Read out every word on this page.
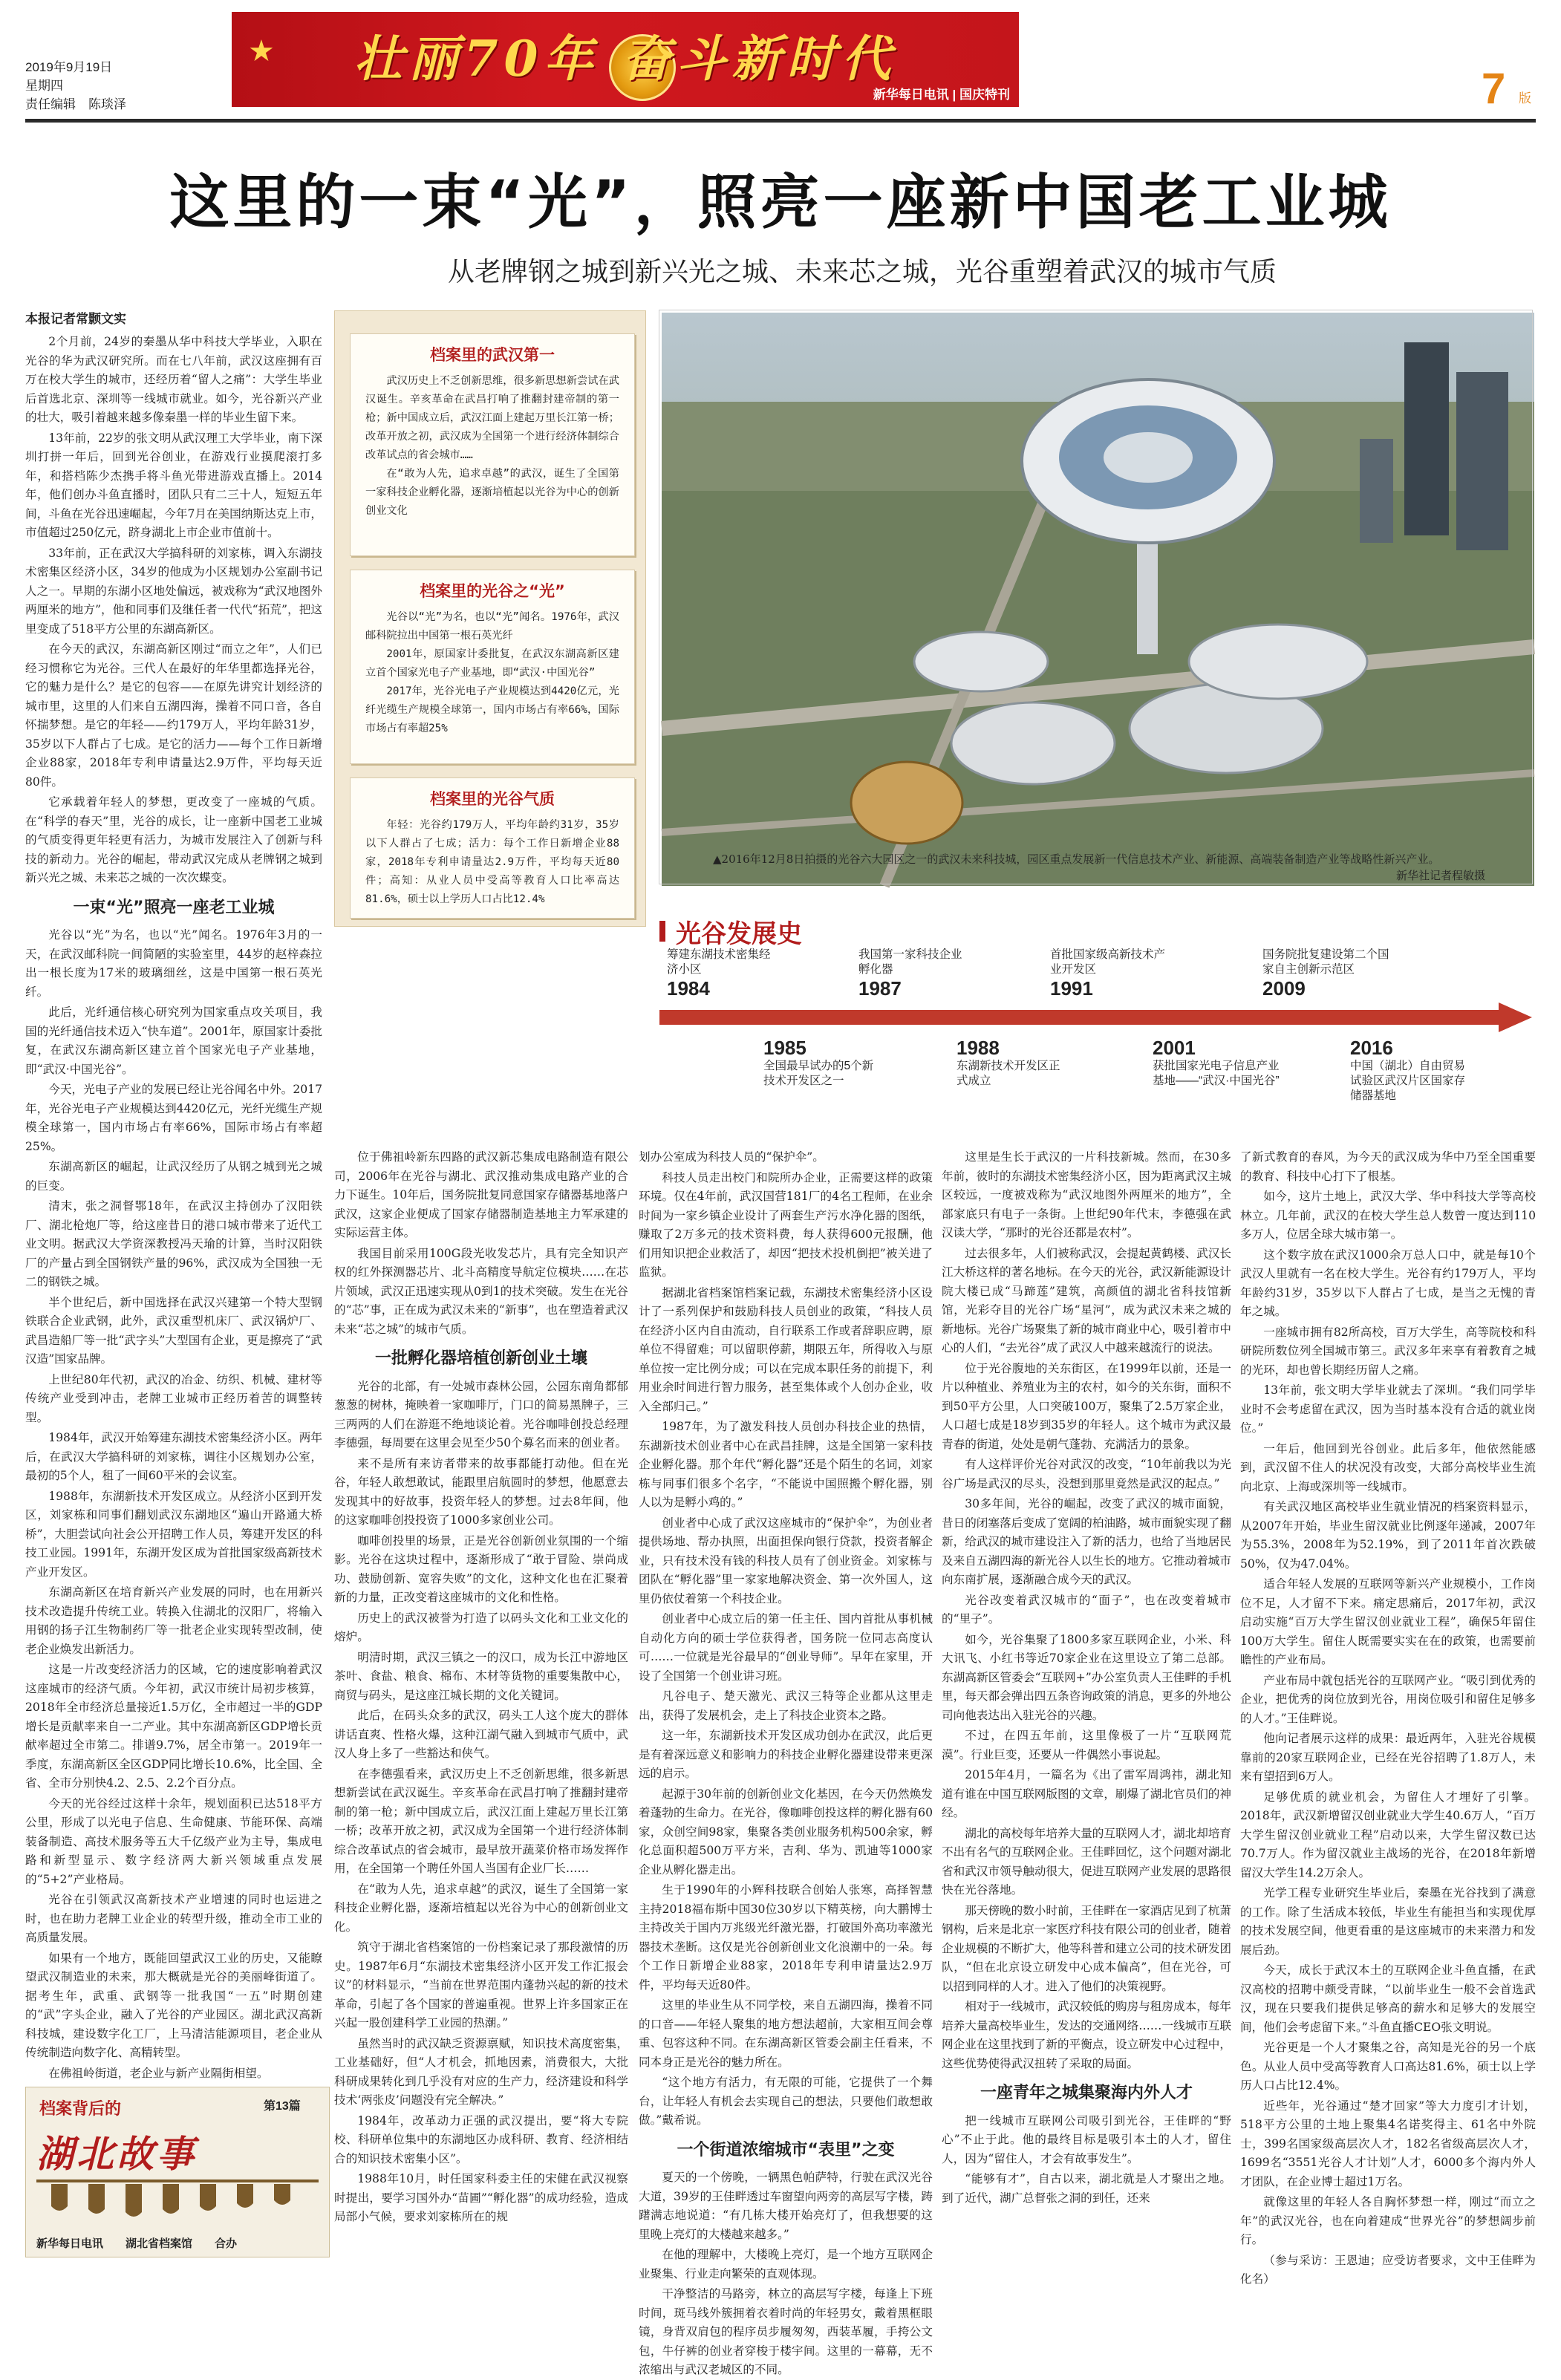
2019年9月19日
星期四
责任编辑　陈琰泽
★	壮丽70年 奋斗新时代
新华每日电讯 | 国庆特刊	7 版
这里的一束“光”，照亮一座新中国老工业城
从老牌钢之城到新兴光之城、未来芯之城，光谷重塑着武汉的城市气质
本报记者常颢文实

2个月前，24岁的秦墨从华中科技大学毕业，入职在光谷的华为武汉研究所。而在七八年前，武汉这座拥有百万在校大学生的城市，还经历着“留人之痛”：大学生毕业后首选北京、深圳等一线城市就业。如今，光谷新兴产业的壮大，吸引着越来越多像秦墨一样的毕业生留下来。

13年前，22岁的张文明从武汉理工大学毕业，南下深圳打拼一年后，回到光谷创业，在游戏行业摸爬滚打多年，和搭档陈少杰携手将斗鱼光带进游戏直播上。2014年，他们创办斗鱼直播时，团队只有二三十人，短短五年间，斗鱼在光谷迅速崛起，今年7月在美国纳斯达克上市，市值超过250亿元，跻身湖北上市企业市值前十。

33年前，正在武汉大学搞科研的刘家栋，调入东湖技术密集区经济小区，34岁的他成为小区规划办公室副书记人之一。早期的东湖小区地处偏远，被戏称为“武汉地图外两厘米的地方”，他和同事们及继任者一代代“拓荒”，把这里变成了518平方公里的东湖高新区。

在今天的武汉，东湖高新区刚过“而立之年”，人们已经习惯称它为光谷。三代人在最好的年华里都选择光谷，它的魅力是什么？是它的包容——在原先讲究计划经济的城市里，这里的人们来自五湖四海，操着不同口音，各自怀揣梦想。是它的年轻——约179万人，平均年龄31岁，35岁以下人群占了七成。是它的活力——每个工作日新增企业88家，2018年专利申请量达2.9万件，平均每天近80件。

它承载着年轻人的梦想，更改变了一座城的气质。在“科学的春天”里，光谷的成长，让一座新中国老工业城的气质变得更年轻更有活力，为城市发展注入了创新与科技的新动力。光谷的崛起，带动武汉完成从老牌钢之城到新兴光之城、未来芯之城的一次次蝶变。

一束“光”照亮一座老工业城

光谷以“光”为名，也以“光”闻名。1976年3月的一天，在武汉邮科院一间简陋的实验室里，44岁的赵梓森拉出一根长度为17米的玻璃细丝，这是中国第一根石英光纤。

此后，光纤通信核心研究列为国家重点攻关项目，我国的光纤通信技术迈入“快车道”。2001年，原国家计委批复，在武汉东湖高新区建立首个国家光电子产业基地，即“武汉·中国光谷”。

今天，光电子产业的发展已经让光谷闻名中外。2017年，光谷光电子产业规模达到4420亿元，光纤光缆生产规模全球第一，国内市场占有率66%，国际市场占有率超25%。

东湖高新区的崛起，让武汉经历了从钢之城到光之城的巨变。

清末，张之洞督鄂18年，在武汉主持创办了汉阳铁厂、湖北枪炮厂等，给这座昔日的港口城市带来了近代工业文明。据武汉大学资深教授冯天瑜的计算，当时汉阳铁厂的产量占到全国钢铁产量的96%，武汉成为全国独一无二的钢铁之城。

半个世纪后，新中国选择在武汉兴建第一个特大型钢铁联合企业武钢，此外，武汉重型机床厂、武汉锅炉厂、武昌造船厂等一批“武字头”大型国有企业，更是擦亮了“武汉造”国家品牌。

上世纪80年代初，武汉的冶金、纺织、机械、建材等传统产业受到冲击，老牌工业城市正经历着苦的调整转型。

1984年，武汉开始筹建东湖技术密集经济小区。两年后，在武汉大学搞科研的刘家栋，调往小区规划办公室，最初的5个人，租了一间60平米的会议室。

1988年，东湖新技术开发区成立。从经济小区到开发区，刘家栋和同事们翻划武汉东湖地区“遍山开路通大桥桥”，大胆尝试向社会公开招聘工作人员，筹建开发区的科技工业园。1991年，东湖开发区成为首批国家级高新技术产业开发区。

东湖高新区在培育新兴产业发展的同时，也在用新兴技术改造提升传统工业。转换入住湖北的汉阳厂，将输入用钢的扬子江生物制药厂等一批老企业实现转型改制，使老企业焕发出新活力。

这是一片改变经济活力的区域，它的速度影响着武汉这座城市的经济气质。今年初，武汉市统计局初步核算，2018年全市经济总量接近1.5万亿，全市超过一半的GDP增长是贡献率来自一二产业。其中东湖高新区GDP增长贡献率超过全市第二。排谱9.7%，居全市第一。2019年一季度，东湖高新区全区GDP同比增长10.6%，比全国、全省、全市分别快4.2、2.5、2.2个百分点。

今天的光谷经过这样十余年，规划面积已达518平方公里，形成了以光电子信息、生命健康、节能环保、高端装备制造、高技术服务等五大千亿级产业为主导，集成电路和新型显示、数字经济两大新兴领域重点发展的“5+2”产业格局。

光谷在引领武汉高新技术产业增速的同时也运进之时，也在助力老牌工业企业的转型升级，推动全市工业的高质量发展。

如果有一个地方，既能回望武汉工业的历史，又能瞭望武汉制造业的未来，那大概就是光谷的美丽峰街道了。据考生年，武重、武钢等一批我国“一五”时期创建的“武”字头企业，融入了光谷的产业园区。湖北武汉高新科技城，建设数字化工厂，上马清洁能源项目，老企业从传统制造向数字化、高精转型。

在佛祖岭街道，老企业与新产业隔街相望。

档案里的武汉第一

武汉历史上不乏创新思维，很多新思想新尝试在武汉诞生。辛亥革命在武昌打响了推翻封建帝制的第一枪；新中国成立后，武汉江面上建起万里长江第一桥；改革开放之初，武汉成为全国第一个进行经济体制综合改革试点的省会城市……

在“敢为人先，追求卓越”的武汉，诞生了全国第一家科技企业孵化器，逐渐培植起以光谷为中心的创新创业文化

档案里的光谷之“光”

光谷以“光”为名，也以“光”闻名。1976年，武汉邮科院拉出中国第一根石英光纤

2001年，原国家计委批复，在武汉东湖高新区建立首个国家光电子产业基地，即“武汉·中国光谷”

2017年，光谷光电子产业规模达到4420亿元，光纤光缆生产规模全球第一，国内市场占有率66%，国际市场占有率超25%

档案里的光谷气质

年轻：光谷约179万人，平均年龄约31岁，35岁以下人群占了七成；活力：每个工作日新增企业88家，2018年专利申请量达2.9万件，平均每天近80件；高知：从业人员中受高等教育人口比率高达81.6%，硕士以上学历人口占比12.4%

▲2016年12月8日拍摄的光谷六大园区之一的武汉未来科技城，园区重点发展新一代信息技术产业、新能源、高端装备制造产业等战略性新兴产业。
新华社记者程敏摄
光谷发展史
筹建东湖技术密集经济小区
1984
我国第一家科技企业孵化器
1987
首批国家级高新技术产业开发区
1991
国务院批复建设第二个国家自主创新示范区
2009
1985
全国最早试办的5个新技术开发区之一
1988
东湖新技术开发区正式成立
2001
获批国家光电子信息产业基地——“武汉·中国光谷”
2016
中国（湖北）自由贸易试验区武汉片区国家存储器基地

位于佛祖岭新东四路的武汉新芯集成电路制造有限公司，2006年在光谷与湖北、武汉推动集成电路产业的合力下诞生。10年后，国务院批复同意国家存储器基地落户武汉，这家企业便成了国家存储器制造基地主力军承建的实际运营主体。

我国目前采用100G段光收发芯片，具有完全知识产权的红外探测器芯片、北斗高精度导航定位模块……在芯片领域，武汉正迅速实现从0到1的技术突破。发生在光谷的“芯”事，正在成为武汉未来的“新事”，也在塑造着武汉未来“芯之城”的城市气质。

一批孵化器培植创新创业土壤

光谷的北部，有一处城市森林公园，公园东南角都郁葱葱的树林，掩映着一家咖啡厅，门口的简易黑牌子，三三两两的人们在游逛不绝地谈论着。光谷咖啡创投总经理李德强，每周要在这里会见至少50个募名而来的创业者。

来不是所有来访者带来的故事都能打动他。但在光谷，年轻人敢想敢试，能跟里启航圆时的梦想，他愿意去发现其中的好故事，投资年轻人的梦想。过去8年间，他的这家咖啡创投投资了1000多家创业公司。

咖啡创投里的场景，正是光谷创新创业氛围的一个缩影。光谷在这块过程中，逐渐形成了“敢于冒险、崇尚成功、鼓励创新、宽容失败”的文化，这种文化也在汇聚着新的力量，正改变着这座城市的文化和性格。

历史上的武汉被誉为打造了以码头文化和工业文化的熔炉。

明清时期，武汉三镇之一的汉口，成为长江中游地区茶叶、食盐、粮食、棉布、木材等货物的重要集散中心，商贸与码头，是这座江城长期的文化关键词。

此后，在码头众多的武汉，码头工人这个庞大的群体讲话直爽、性格火爆，这种江湖气融入到城市气质中，武汉人身上多了一些豁达和侠气。

在李德强看来，武汉历史上不乏创新思维，很多新思想新尝试在武汉诞生。辛亥革命在武昌打响了推翻封建帝制的第一枪；新中国成立后，武汉江面上建起万里长江第一桥；改革开放之初，武汉成为全国第一个进行经济体制综合改革试点的省会城市，最早放开蔬菜价格市场发挥作用，在全国第一个聘任外国人当国有企业厂长……

在“敢为人先，追求卓越”的武汉，诞生了全国第一家科技企业孵化器，逐渐培植起以光谷为中心的创新创业文化。

筑守于湖北省档案馆的一份档案记录了那段激情的历史。1987年6月“东湖技术密集经济小区开发工作汇报会议”的材料显示，“当前在世界范围内蓬勃兴起的新的技术革命，引起了各个国家的普遍重视。世界上许多国家正在兴起一股创建科学工业园的热潮。”

虽然当时的武汉缺乏资源禀赋，知识技术高度密集，工业基础好，但“人才机会，抓地因素，消费很大，大批科研成果转化到几乎没有对应的生产力，经济建设和科学技术‘两张皮’问题没有完全解决。”

1984年，改革动力正强的武汉提出，要“将大专院校、科研单位集中的东湖地区办成科研、教育、经济相结合的知识技术密集小区”。

1988年10月，时任国家科委主任的宋健在武汉视察时提出，要学习国外办“苗圃”“孵化器”的成功经验，造成局部小气候，要求刘家栋所在的规

划办公室成为科技人员的“保护伞”。

科技人员走出校门和院所办企业，正需要这样的政策环境。仅在4年前，武汉国营181厂的4名工程师，在业余时间为一家乡镇企业设计了两套生产污水净化器的图纸，赚取了2万多元的技术资料费，每人获得600元报酬，他们用知识把企业救活了，却因“把技术投机倒把”被关进了监狱。

据湖北省档案馆档案记载，东湖技术密集经济小区设计了一系列保护和鼓励科技人员创业的政策，“科技人员在经济小区内自由流动，自行联系工作或者辞职应聘，原单位不得留难；可以留职停薪，期限五年，所得收入与原单位按一定比例分成；可以在完成本职任务的前提下，利用业余时间进行智力服务，甚至集体或个人创办企业，收入全部归己。”

1987年，为了激发科技人员创办科技企业的热情，东湖新技术创业者中心在武昌挂牌，这是全国第一家科技企业孵化器。那个年代“孵化器”还是个陌生的名词，刘家栋与同事们很多个名字，“不能说中国照搬个孵化器，别人以为是孵小鸡的。”

创业者中心成了武汉这座城市的“保护伞”，为创业者提供场地、帮办执照，出面担保向银行贷款，投资者解企业，只有技术没有钱的科技人员有了创业资金。刘家栋与团队在“孵化器”里一家家地解决资金、第一次外国人，这里仍依仗着第一个科技企业。

创业者中心成立后的第一任主任、国内首批从事机械自动化方向的硕士学位获得者，国务院一位同志高度认可……一位就是光谷最早的“创业导师”。早年在家里，开设了全国第一个创业讲习班。

凡谷电子、楚天激光、武汉三特等企业都从这里走出，获得了发展机会，走上了科技企业资本之路。

这一年，东湖新技术开发区成功创办在武汉，此后更是有着深远意义和影响力的科技企业孵化器建设带来更深远的启示。

起源于30年前的创新创业文化基因，在今天仍然焕发着蓬勃的生命力。在光谷，像咖啡创投这样的孵化器有60家，众创空间98家，集聚各类创业服务机构500余家，孵化总面积超500万平方米，吉利、华为、凯迪等1000家企业从孵化器走出。

生于1990年的小辉科技联合创始人张寒，高择智慧主持2018福布斯中国30位30岁以下精英榜，向大鹏博士主持改关于国内万兆级光纤激光器，打破国外高功率激光器技术垄断。这仅是光谷创新创业文化浪潮中的一朵。每个工作日新增企业88家，2018年专利申请量达2.9万件，平均每天近80件。

这里的毕业生从不同学校，来自五湖四海，操着不同的口音——年轻人聚集的地方想法超前，大家相互间会尊重、包容这种不同。在东湖高新区管委会副主任看来，不同本身正是光谷的魅力所在。

“这个地方有活力，有无限的可能，它提供了一个舞台，让年轻人有机会去实现自己的想法，只要他们敢想敢做。”戴希说。

一个街道浓缩城市“表里”之变

夏天的一个傍晚，一辆黑色帕萨特，行驶在武汉光谷大道，39岁的王佳畔透过车窗望向两旁的高层写字楼，踌躇满志地说道：“有几栋大楼开始亮灯了，但我想要的这里晚上亮灯的大楼越来越多。”

在他的理解中，大楼晚上亮灯，是一个地方互联网企业聚集、行业走向繁荣的直观体现。

干净整洁的马路旁，林立的高层写字楼，每逢上下班时间，斑马线外簇拥着衣着时尚的年轻男女，戴着黑框眼镜，身背双肩包的程序员步履匆匆，西装革履，手挎公文包，牛仔裤的创业者穿梭于楼宇间。这里的一幕幕，无不浓缩出与武汉老城区的不同。

这里是生长于武汉的一片科技新城。然而，在30多年前，彼时的东湖技术密集经济小区，因为距离武汉主城区较远，一度被戏称为“武汉地图外两厘米的地方”，全部家底只有电子一条街。上世纪90年代末，李德强在武汉读大学，“那时的光谷还都是农村”。

过去很多年，人们被称武汉，会提起黄鹤楼、武汉长江大桥这样的著名地标。在今天的光谷，武汉新能源设计院大楼已成“马蹄莲”建筑，高颜值的湖北省科技馆新馆，光彩夺目的光谷广场“星河”，成为武汉未来之城的新地标。光谷广场聚集了新的城市商业中心，吸引着市中心的人们，“去光谷”成了武汉人中越来越流行的说法。

位于光谷腹地的关东街区，在1999年以前，还是一片以种植业、养殖业为主的农村，如今的关东街，面积不到50平方公里，人口突破100万，聚集了2.5万家企业，人口超七成是18岁到35岁的年轻人。这个城市为武汉最青春的街道，处处是朝气蓬勃、充满活力的景象。

有人这样评价光谷对武汉的改变，“10年前我以为光谷广场是武汉的尽头，没想到那里竟然是武汉的起点。”

30多年间，光谷的崛起，改变了武汉的城市面貌，昔日的闭塞落后变成了宽阔的柏油路，城市面貌实现了翻新，给武汉的城市建设注入了新的活力，也给了当地居民及来自五湖四海的新光谷人以生长的地方。它推动着城市向东南扩展，逐渐融合成今天的武汉。

光谷改变着武汉城市的“面子”，也在改变着城市的“里子”。

如今，光谷集聚了1800多家互联网企业，小米、科大讯飞、小红书等近70家企业在这里设立了第二总部。东湖高新区管委会“互联网+”办公室负责人王佳畔的手机里，每天都会弹出四五条咨询政策的消息，更多的外地公司向他表达出入驻光谷的兴趣。

不过，在四五年前，这里像极了一片“互联网荒漠”。行业巨变，还要从一件偶然小事说起。

2015年4月，一篇名为《出了雷军周鸿祎，湖北知道有谁在中国互联网版图的文章，刷爆了湖北官员们的神经。

湖北的高校每年培养大量的互联网人才，湖北却培育不出有名气的互联网企业。王佳畔回忆，这个问题对湖北省和武汉市领导触动很大，促进互联网产业发展的思路很快在光谷落地。

那天傍晚的数小时前，王佳畔在一家酒店见到了杭萧钢构，后来是北京一家医疗科技有限公司的创业者，随着企业规模的不断扩大，他等科普和建立公司的技术研发团队，“但在北京设立研发中心成本偏高”，但在光谷，可以招到同样的人才。进入了他们的决策视野。

相对于一线城市，武汉较低的购房与租房成本，每年培养大量高校毕业生，发达的交通网络……一线城市互联网企业在这里找到了新的平衡点，设立研发中心过程中，这些优势使得武汉扭转了采取的局面。

一座青年之城集聚海内外人才

把一线城市互联网公司吸引到光谷，王佳畔的“野心”不止于此。他的最终目标是吸引本土的人才，留住人，因为“留住人，才会有故事发生”。

“能够有才”，自古以来，湖北就是人才聚出之地。到了近代，湖广总督张之洞的到任，还来

了新式教育的春风，为今天的武汉成为华中乃至全国重要的教育、科技中心打下了根基。

如今，这片土地上，武汉大学、华中科技大学等高校林立。几年前，武汉的在校大学生总人数曾一度达到110多万人，位居全球大城市第一。

这个数字放在武汉1000余万总人口中，就是每10个武汉人里就有一名在校大学生。光谷有约179万人，平均年龄约31岁，35岁以下人群占了七成，是当之无愧的青年之城。

一座城市拥有82所高校，百万大学生，高等院校和科研院所数位列全国城市第三。武汉多年来享有着教育之城的光环，却也曾长期经历留人之痛。

13年前，张文明大学毕业就去了深圳。“我们同学毕业时不会考虑留在武汉，因为当时基本没有合适的就业岗位。”

一年后，他回到光谷创业。此后多年，他依然能感到，武汉留不住人的状况没有改变，大部分高校毕业生流向北京、上海或深圳等一线城市。

有关武汉地区高校毕业生就业情况的档案资料显示，从2007年开始，毕业生留汉就业比例逐年递减，2007年为55.3%，2008年为52.19%，到了2011年首次跌破50%，仅为47.04%。

适合年轻人发展的互联网等新兴产业规模小，工作岗位不足，人才留不下来。痛定思痛后，2017年初，武汉启动实施“百万大学生留汉创业就业工程”，确保5年留住100万大学生。留住人既需要实实在在的政策，也需要前瞻性的产业布局。

产业布局中就包括光谷的互联网产业。“吸引到优秀的企业，把优秀的岗位放到光谷，用岗位吸引和留住足够多的人才。”王佳畔说。

他向记者展示这样的成果：最近两年，入驻光谷规模靠前的20家互联网企业，已经在光谷招聘了1.8万人，未来有望招到6万人。

足够优质的就业机会，为留住人才埋好了引擎。2018年，武汉新增留汉创业就业大学生40.6万人，“百万大学生留汉创业就业工程”启动以来，大学生留汉数已达70.7万人。作为留汉就业主战场的光谷，在2018年新增留汉大学生14.2万余人。

光学工程专业研究生毕业后，秦墨在光谷找到了满意的工作。除了生活成本较低，毕业生有能担当和实现优厚的技术发展空间，他更看重的是这座城市的未来潜力和发展后劲。

今天，成长于武汉本土的互联网企业斗鱼直播，在武汉高校的招聘中颇受青睐，“以前毕业生一般不会首选武汉，现在只要我们提供足够高的薪水和足够大的发展空间，他们会考虑留下来。”斗鱼直播CEO张文明说。

光谷更是一个人才聚集之谷，高知是光谷的另一个底色。从业人员中受高等教育人口高达81.6%，硕士以上学历人口占比12.4%。

近些年，光谷通过“楚才回家”等大力度引才计划，518平方公里的土地上聚集4名诺奖得主、61名中外院士，399名国家级高层次人才，182名省级高层次人才，1699名“3551光谷人才计划”人才，6000多个海内外人才团队，在企业博士超过1万名。

就像这里的年轻人各自胸怀梦想一样，刚过“而立之年”的武汉光谷，也在向着建成“世界光谷”的梦想阔步前行。

（参与采访：王恩迪；应受访者要求，文中王佳畔为化名）

档案背后的	第13篇
湖北故事
新华每日电讯　　湖北省档案馆　　合办
